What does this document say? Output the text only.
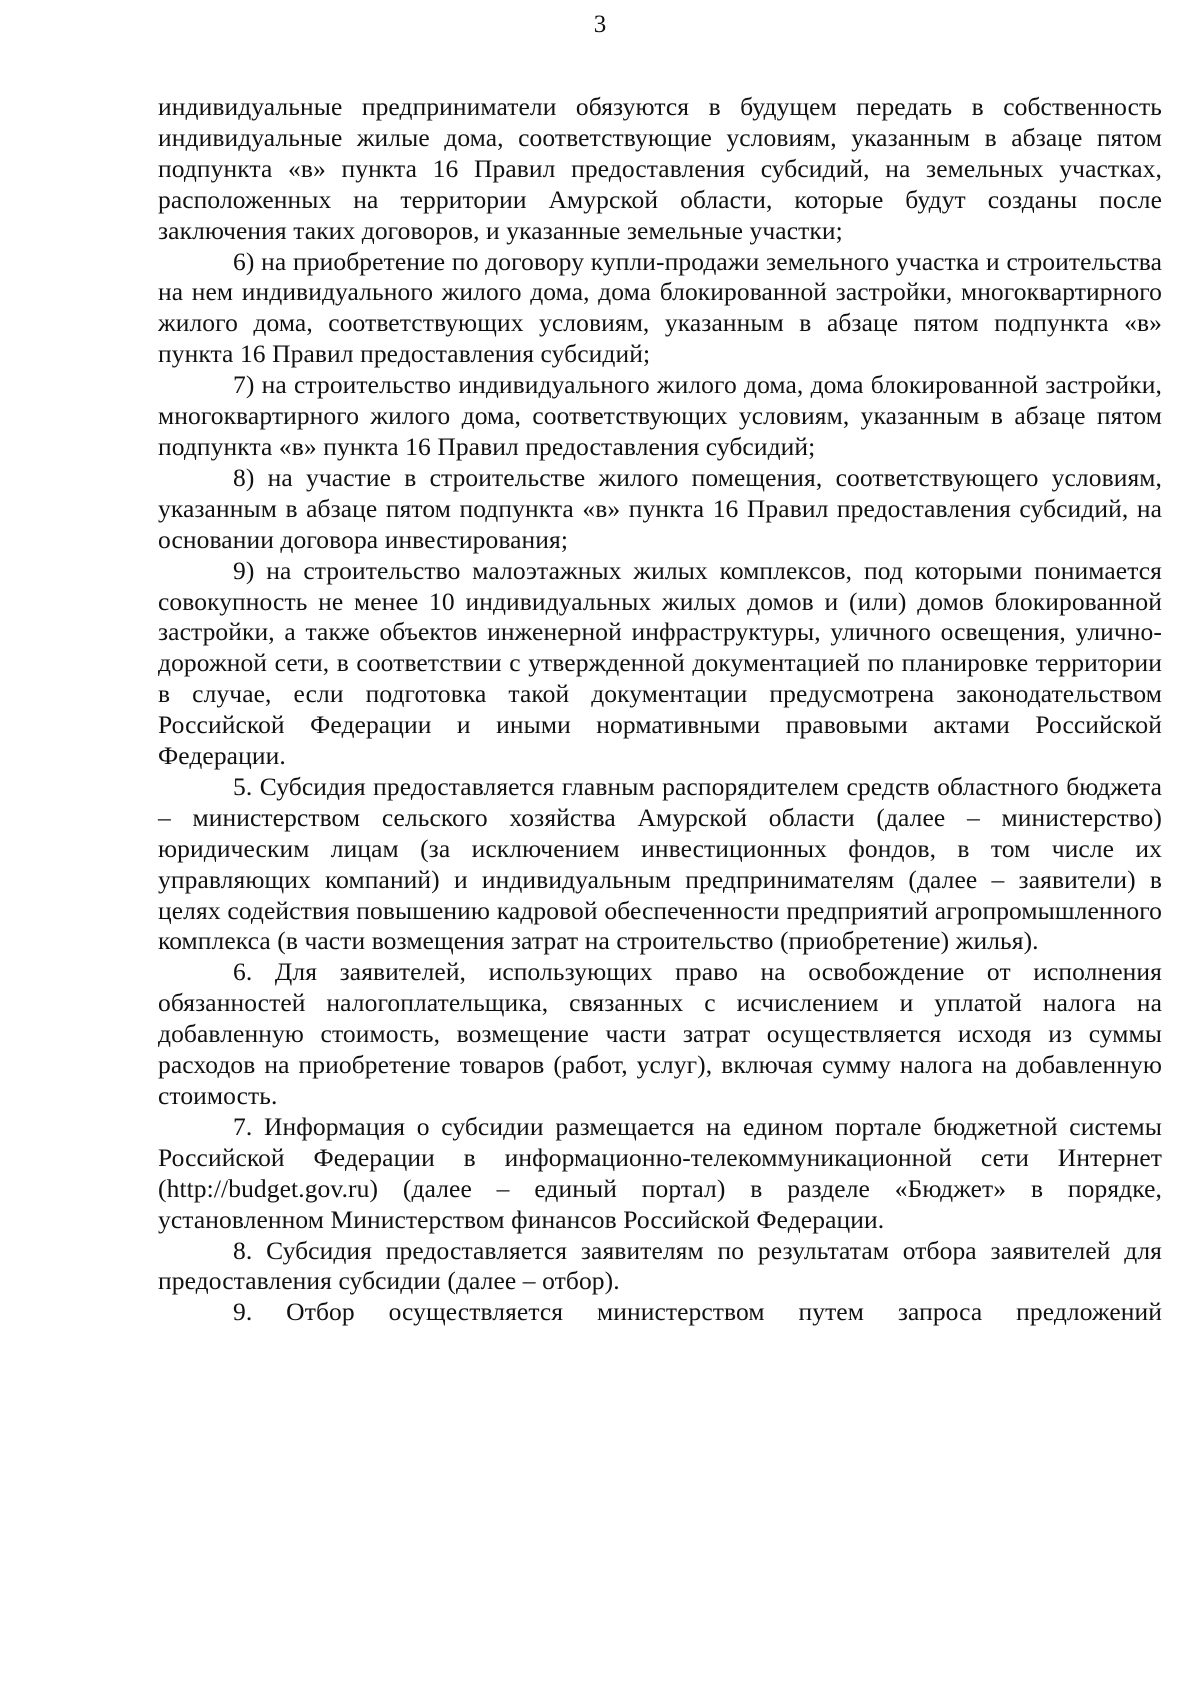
3

индивидуальные предприниматели обязуются в будущем передать в собственность индивидуальные жилые дома, соответствующие условиям, указанным в абзаце пятом подпункта «в» пункта 16 Правил предоставления субсидий, на земельных участках, расположенных на территории Амурской области, которые будут созданы после заключения таких договоров, и указанные земельные участки;

6) на приобретение по договору купли-продажи земельного участка и строительства на нем индивидуального жилого дома, дома блокированной застройки, многоквартирного жилого дома, соответствующих условиям, указанным в абзаце пятом подпункта «в» пункта 16 Правил предоставления субсидий;

7) на строительство индивидуального жилого дома, дома блокированной застройки, многоквартирного жилого дома, соответствующих условиям, указанным в абзаце пятом подпункта «в» пункта 16 Правил предоставления субсидий;

8) на участие в строительстве жилого помещения, соответствующего условиям, указанным в абзаце пятом подпункта «в» пункта 16 Правил предоставления субсидий, на основании договора инвестирования;

9) на строительство малоэтажных жилых комплексов, под которыми понимается совокупность не менее 10 индивидуальных жилых домов и (или) домов блокированной застройки, а также объектов инженерной инфраструктуры, уличного освещения, улично-дорожной сети, в соответствии с утвержденной документацией по планировке территории в случае, если подготовка такой документации предусмотрена законодательством Российской Федерации и иными нормативными правовыми актами Российской Федерации.

5. Субсидия предоставляется главным распорядителем средств областного бюджета – министерством сельского хозяйства Амурской области (далее – министерство) юридическим лицам (за исключением инвестиционных фондов, в том числе их управляющих компаний) и индивидуальным предпринимателям (далее – заявители) в целях содействия повышению кадровой обеспеченности предприятий агропромышленного комплекса (в части возмещения затрат на строительство (приобретение) жилья).

6. Для заявителей, использующих право на освобождение от исполнения обязанностей налогоплательщика, связанных с исчислением и уплатой налога на добавленную стоимость, возмещение части затрат осуществляется исходя из суммы расходов на приобретение товаров (работ, услуг), включая сумму налога на добавленную стоимость.

7. Информация о субсидии размещается на едином портале бюджетной системы Российской Федерации в информационно-телекоммуникационной сети Интернет (http://budget.gov.ru) (далее – единый портал) в разделе «Бюджет» в порядке, установленном Министерством финансов Российской Федерации.

8. Субсидия предоставляется заявителям по результатам отбора заявителей для предоставления субсидии (далее – отбор).

9. Отбор осуществляется министерством путем запроса предложений
